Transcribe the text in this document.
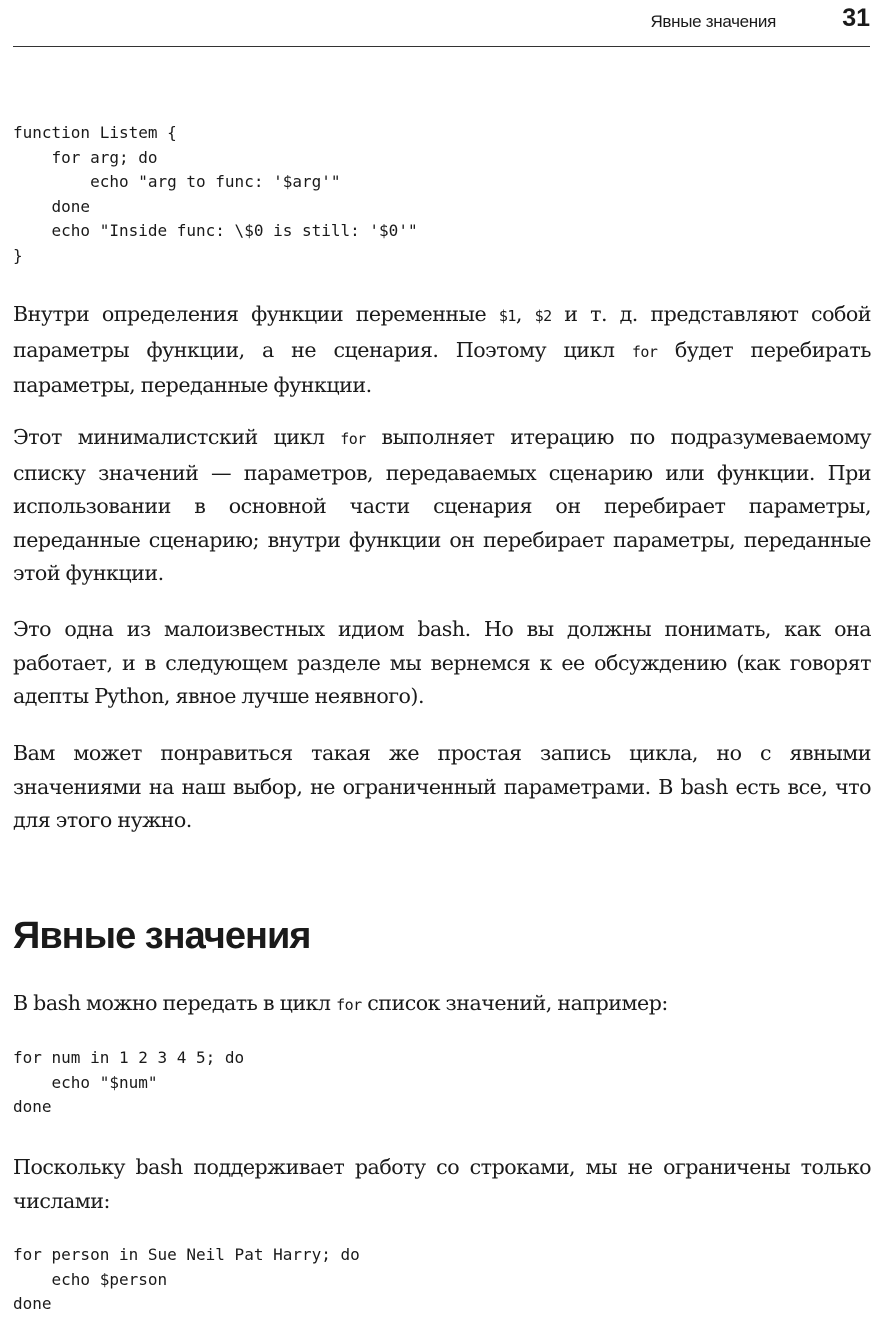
Явные значения	31
function Listem {
for arg; do
echo "arg to func: '$arg'"
done
echo "Inside func: \$0 is still: '$0'"
}

Внутри определения функции переменные $1, $2 и т. д. представляют собой параметры функции, а не сценария. Поэтому цикл for будет перебирать параметры, переданные функции.

Этот минималистский цикл for выполняет итерацию по подразумеваемому списку значений — параметров, передаваемых сценарию или функции. При использовании в основной части сценария он перебирает параметры, переданные сценарию; внутри функции он перебирает параметры, переданные этой функции.

Это одна из малоизвестных идиом bash. Но вы должны понимать, как она работает, и в следующем разделе мы вернемся к ее обсуждению (как говорят адепты Python, явное лучше неявного).

Вам может понравиться такая же простая запись цикла, но с явными значениями на наш выбор, не ограниченный параметрами. В bash есть все, что для этого нужно.

Явные значения

В bash можно передать в цикл for список значений, например:

for num in 1 2 3 4 5; do
echo "$num"
done

Поскольку bash поддерживает работу со строками, мы не ограничены только числами:

for person in Sue Neil Pat Harry; do
echo $person
done
